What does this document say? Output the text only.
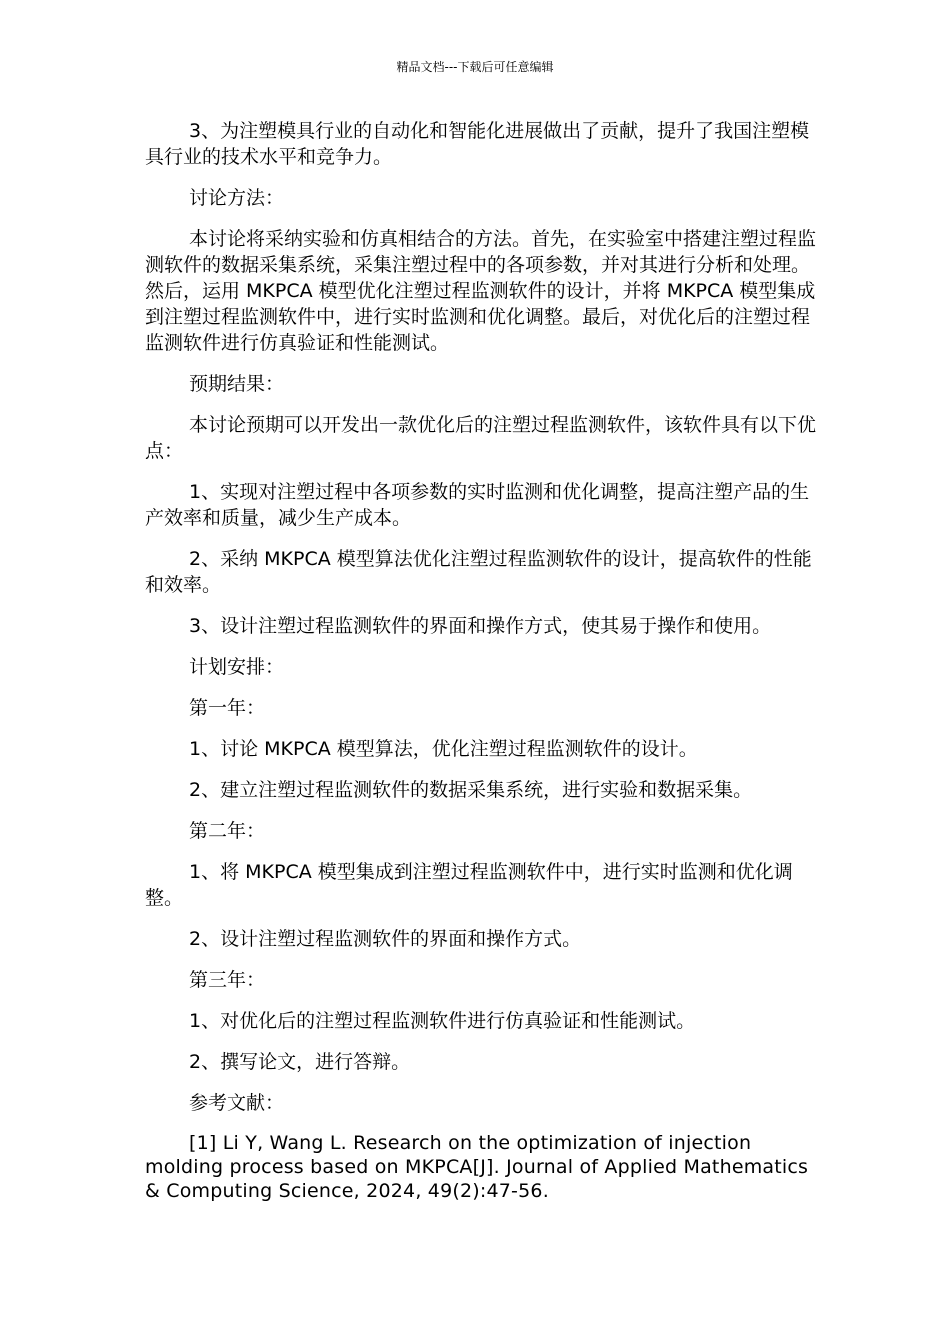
精品文档---下载后可任意编辑

3、为注塑模具行业的自动化和智能化进展做出了贡献，提升了我国注塑模具行业的技术水平和竞争力。

讨论方法：

本讨论将采纳实验和仿真相结合的方法。首先，在实验室中搭建注塑过程监测软件的数据采集系统，采集注塑过程中的各项参数，并对其进行分析和处理。然后，运用 MKPCA 模型优化注塑过程监测软件的设计，并将 MKPCA 模型集成到注塑过程监测软件中，进行实时监测和优化调整。最后，对优化后的注塑过程监测软件进行仿真验证和性能测试。

预期结果：

本讨论预期可以开发出一款优化后的注塑过程监测软件，该软件具有以下优点：

1、实现对注塑过程中各项参数的实时监测和优化调整，提高注塑产品的生产效率和质量，减少生产成本。

2、采纳 MKPCA 模型算法优化注塑过程监测软件的设计，提高软件的性能和效率。

3、设计注塑过程监测软件的界面和操作方式，使其易于操作和使用。

计划安排：

第一年：

1、讨论 MKPCA 模型算法，优化注塑过程监测软件的设计。

2、建立注塑过程监测软件的数据采集系统，进行实验和数据采集。

第二年：

1、将 MKPCA 模型集成到注塑过程监测软件中，进行实时监测和优化调整。

2、设计注塑过程监测软件的界面和操作方式。

第三年：

1、对优化后的注塑过程监测软件进行仿真验证和性能测试。

2、撰写论文，进行答辩。

参考文献：

[1] Li Y, Wang L. Research on the optimization of injection molding process based on MKPCA[J]. Journal of Applied Mathematics & Computing Science, 2024, 49(2):47-56.
